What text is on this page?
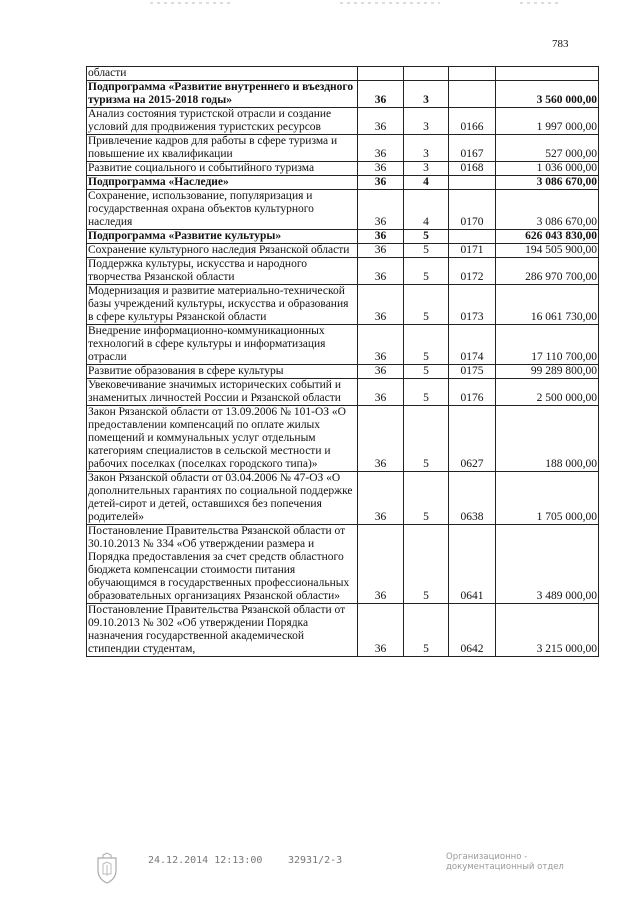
783
области				
Подпрограмма «Развитие внутреннего и въездного туризма на 2015-2018 годы»	36	3		3 560 000,00
Анализ состояния туристской отрасли и создание условий для продвижения туристских ресурсов	36	3	0166	1 997 000,00
Привлечение кадров для работы в сфере туризма и повышение их квалификации	36	3	0167	527 000,00
Развитие социального и событийного туризма	36	3	0168	1 036 000,00
Подпрограмма «Наследие»	36	4		3 086 670,00
Сохранение, использование, популяризация и государственная охрана объектов культурного наследия	36	4	0170	3 086 670,00
Подпрограмма «Развитие культуры»	36	5		626 043 830,00
Сохранение культурного наследия Рязанской области	36	5	0171	194 505 900,00
Поддержка культуры, искусства и народного творчества Рязанской области	36	5	0172	286 970 700,00
Модернизация и развитие материально-технической базы учреждений культуры, искусства и образования в сфере культуры Рязанской области	36	5	0173	16 061 730,00
Внедрение информационно-коммуникационных технологий в сфере культуры и информатизация отрасли	36	5	0174	17 110 700,00
Развитие образования в сфере культуры	36	5	0175	99 289 800,00
Увековечивание значимых исторических событий и знаменитых личностей России и Рязанской области	36	5	0176	2 500 000,00
Закон Рязанской области от 13.09.2006 № 101-ОЗ «О предоставлении компенсаций по оплате жилых помещений и коммунальных услуг отдельным категориям специалистов в сельской местности и рабочих поселках (поселках городского типа)»	36	5	0627	188 000,00
Закон Рязанской области от 03.04.2006 № 47-ОЗ «О дополнительных гарантиях по социальной поддержке детей-сирот и детей, оставшихся без попечения родителей»	36	5	0638	1 705 000,00
Постановление Правительства Рязанской области от 30.10.2013 № 334 «Об утверждении размера и Порядка предоставления за счет средств областного бюджета компенсации стоимости питания обучающимся в государственных профессиональных образовательных организациях Рязанской области»	36	5	0641	3 489 000,00
Постановление Правительства Рязанской области от 09.10.2013 № 302 «Об утверждении Порядка назначения государственной академической стипендии студентам,	36	5	0642	3 215 000,00
24.12.2014 12:13:00	32931/2-3	Организационно -
документационный отдел
